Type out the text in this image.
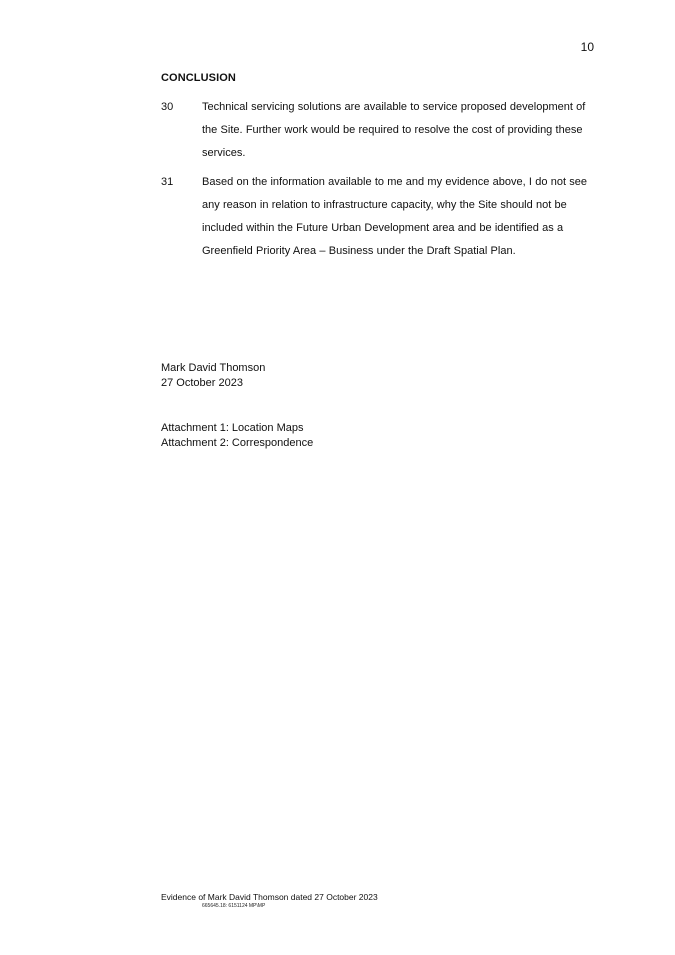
10
CONCLUSION
30	Technical servicing solutions are available to service proposed development of the Site. Further work would be required to resolve the cost of providing these services.
31	Based on the information available to me and my evidence above, I do not see any reason in relation to infrastructure capacity, why the Site should not be included within the Future Urban Development area and be identified as a Greenfield Priority Area – Business under the Draft Spatial Plan.
Mark David Thomson
27 October 2023
Attachment 1: Location Maps
Attachment 2: Correspondence
Evidence of Mark David Thomson dated 27 October 2023
665645.18: 6151124 MP\MP
